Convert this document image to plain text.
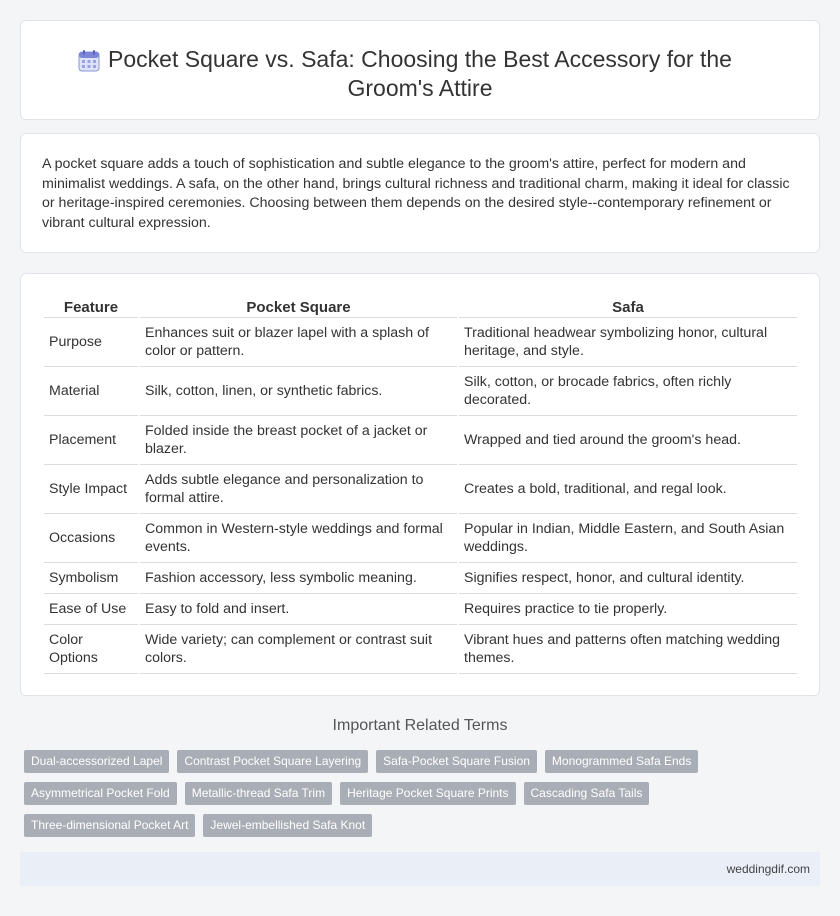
Pocket Square vs. Safa: Choosing the Best Accessory for the Groom's Attire

A pocket square adds a touch of sophistication and subtle elegance to the groom's attire, perfect for modern and minimalist weddings. A safa, on the other hand, brings cultural richness and traditional charm, making it ideal for classic or heritage-inspired ceremonies. Choosing between them depends on the desired style--contemporary refinement or vibrant cultural expression.

Feature	Pocket Square	Safa
Purpose	Enhances suit or blazer lapel with a splash of color or pattern.	Traditional headwear symbolizing honor, cultural heritage, and style.
Material	Silk, cotton, linen, or synthetic fabrics.	Silk, cotton, or brocade fabrics, often richly decorated.
Placement	Folded inside the breast pocket of a jacket or blazer.	Wrapped and tied around the groom's head.
Style Impact	Adds subtle elegance and personalization to formal attire.	Creates a bold, traditional, and regal look.
Occasions	Common in Western-style weddings and formal events.	Popular in Indian, Middle Eastern, and South Asian weddings.
Symbolism	Fashion accessory, less symbolic meaning.	Signifies respect, honor, and cultural identity.
Ease of Use	Easy to fold and insert.	Requires practice to tie properly.
Color Options	Wide variety; can complement or contrast suit colors.	Vibrant hues and patterns often matching wedding themes.
Important Related Terms
Dual-accessorized Lapel	Contrast Pocket Square Layering	Safa-Pocket Square Fusion	Monogrammed Safa Ends
Asymmetrical Pocket Fold	Metallic-thread Safa Trim	Heritage Pocket Square Prints	Cascading Safa Tails
Three-dimensional Pocket Art	Jewel-embellished Safa Knot
weddingdif.com
